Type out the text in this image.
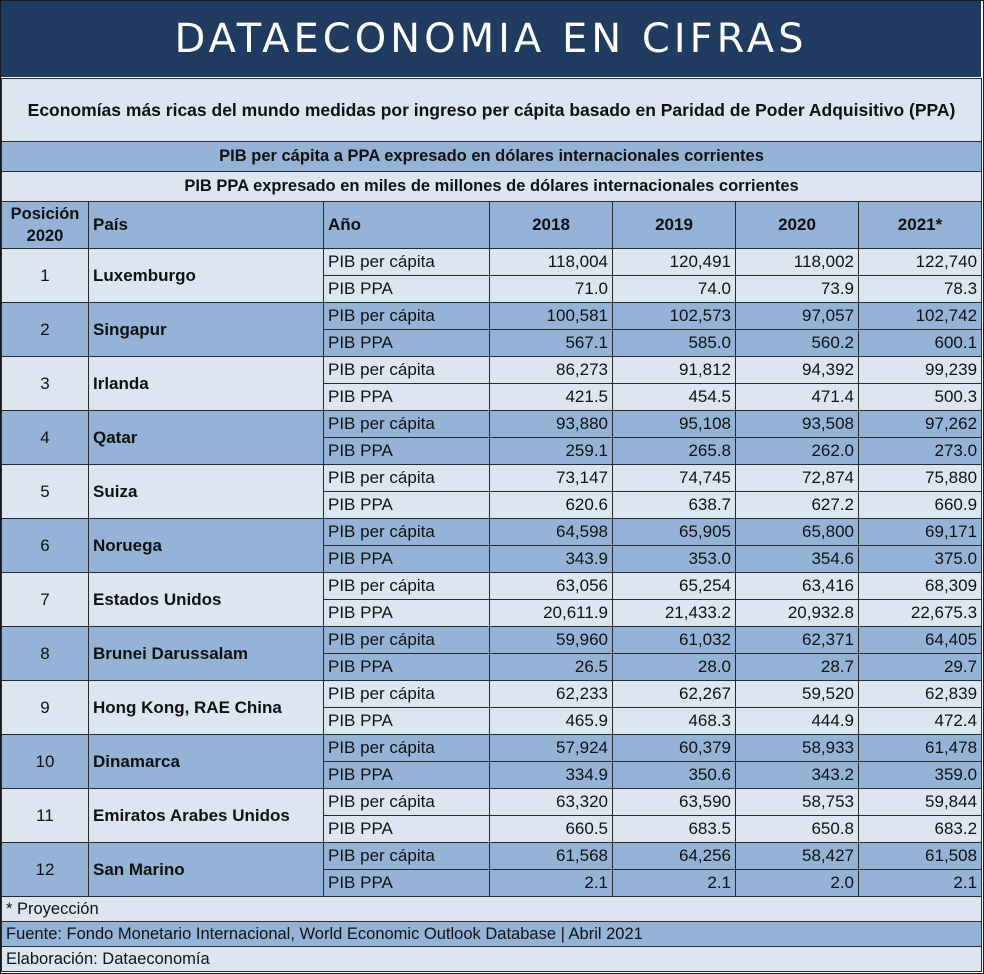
DATAECONOMIA EN CIFRAS
Economías más ricas del mundo medidas por ingreso per cápita basado en Paridad de Poder Adquisitivo (PPA)						
PIB per cápita a PPA expresado en dólares internacionales corrientes						
PIB PPA expresado en miles de millones de dólares internacionales corrientes						
Posición
2020	País	Año	2018	2019	2020	2021*
1	Luxemburgo	PIB per cápita	118,004	120,491	118,002	122,740
		PIB PPA	71.0	74.0	73.9	78.3
2	Singapur	PIB per cápita	100,581	102,573	97,057	102,742
		PIB PPA	567.1	585.0	560.2	600.1
3	Irlanda	PIB per cápita	86,273	91,812	94,392	99,239
		PIB PPA	421.5	454.5	471.4	500.3
4	Qatar	PIB per cápita	93,880	95,108	93,508	97,262
		PIB PPA	259.1	265.8	262.0	273.0
5	Suiza	PIB per cápita	73,147	74,745	72,874	75,880
		PIB PPA	620.6	638.7	627.2	660.9
6	Noruega	PIB per cápita	64,598	65,905	65,800	69,171
		PIB PPA	343.9	353.0	354.6	375.0
7	Estados Unidos	PIB per cápita	63,056	65,254	63,416	68,309
		PIB PPA	20,611.9	21,433.2	20,932.8	22,675.3
8	Brunei Darussalam	PIB per cápita	59,960	61,032	62,371	64,405
		PIB PPA	26.5	28.0	28.7	29.7
9	Hong Kong, RAE China	PIB per cápita	62,233	62,267	59,520	62,839
		PIB PPA	465.9	468.3	444.9	472.4
10	Dinamarca	PIB per cápita	57,924	60,379	58,933	61,478
		PIB PPA	334.9	350.6	343.2	359.0
11	Emiratos Arabes Unidos	PIB per cápita	63,320	63,590	58,753	59,844
		PIB PPA	660.5	683.5	650.8	683.2
12	San Marino	PIB per cápita	61,568	64,256	58,427	61,508
		PIB PPA	2.1	2.1	2.0	2.1
* Proyección						
Fuente: Fondo Monetario Internacional, World Economic Outlook Database | Abril 2021						
Elaboración: Dataeconomía						
